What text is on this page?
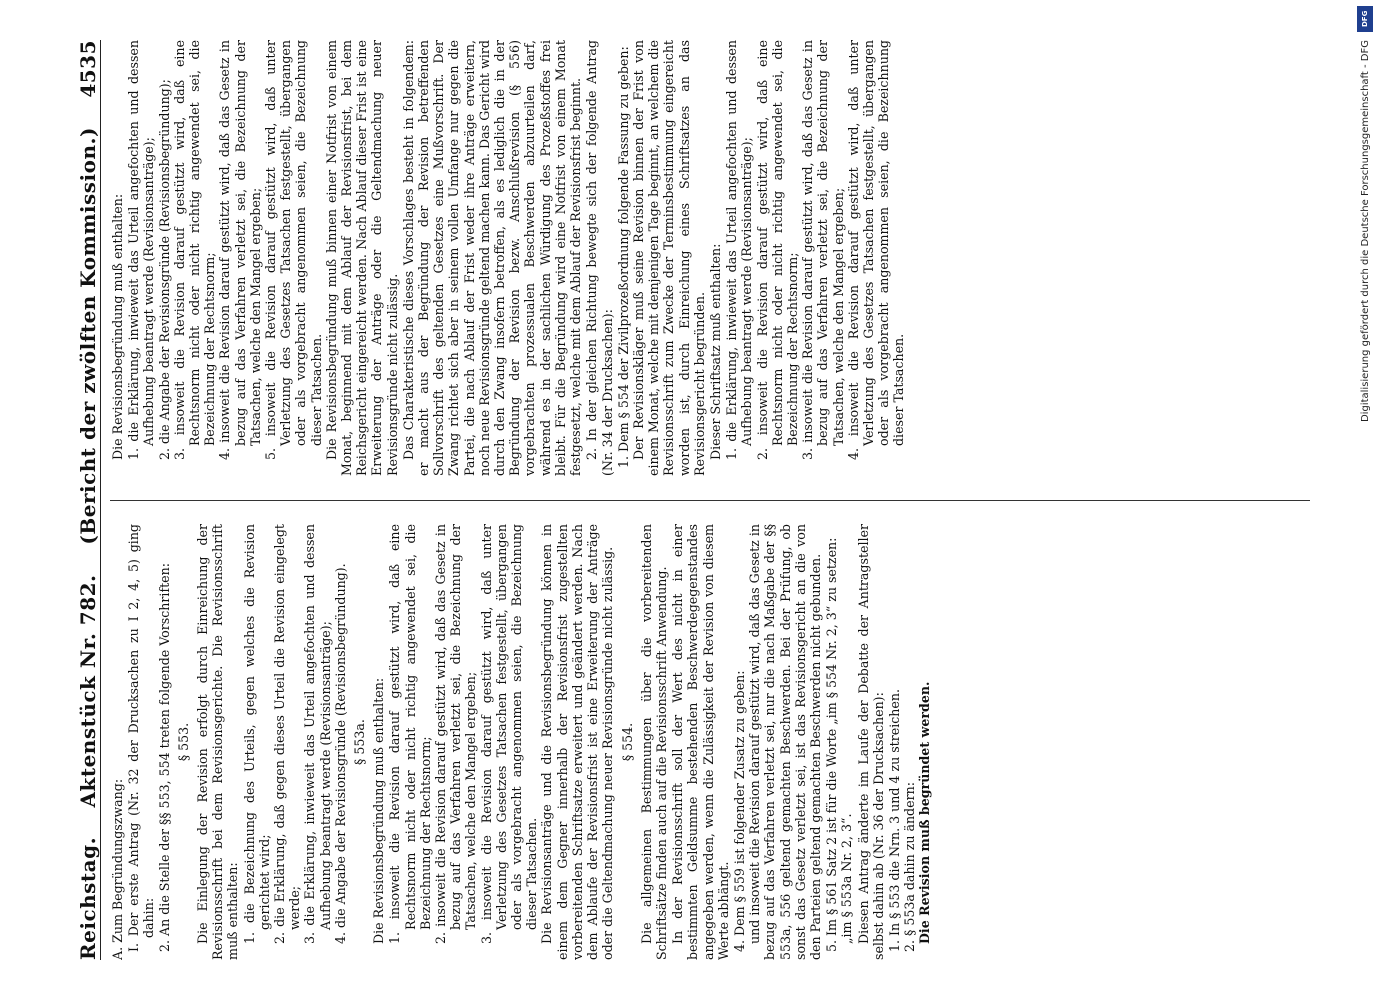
Reichstag.
Aktenstück Nr. 782.    (Bericht der zwölften Kommission.)
4535
A. Zum Begründungszwang: I. Der erste Antrag (Nr. 32 der Drucksachen zu I 2, 4, 5) ging dahin: 2. An die Stelle der §§ 553, 554 treten folgende Vorschriften: § 553. Die Einlegung der Revision erfolgt durch Einreichung der Revisionsschrift bei dem Revisionsgerichte. Die Revisionsschrift muß enthalten: 1. die Bezeichnung des Urteils, gegen welches die Revision gerichtet wird; 2. die Erklärung, daß gegen dieses Urteil die Revision eingelegt werde; 3. die Erklärung, inwieweit das Urteil angefochten und dessen Aufhebung beantragt werde (Revisionsanträge); 4. die Angabe der Revisionsgründe (Revisionsbegründung). § 553a. Die Revisionsbegründung muß enthalten: 1. insoweit die Revision darauf gestützt wird, daß eine Rechtsnorm nicht oder nicht richtig angewendet sei, die Bezeichnung der Rechtsnorm; 2. insoweit die Revision darauf gestützt wird, daß das Gesetz in bezug auf das Verfahren verletzt sei, die Bezeichnung der Tatsachen, welche den Mangel ergeben; 3. insoweit die Revision darauf gestützt wird, daß unter Verletzung des Gesetzes Tatsachen festgestellt, übergangen oder als vorgebracht angenommen seien, die Bezeichnung dieser Tatsachen. Die Revisionsanträge und die Revisionsbegründung können in einem dem Gegner innerhalb der Revisionsfrist zugestellten vorbereitenden Schriftsatze erweitert und geändert werden. Nach dem Ablaufe der Revisionsfrist ist eine Erweiterung der Anträge oder die Geltendmachung neuer Revisionsgründe nicht zulässig. § 554. Die allgemeinen Bestimmungen über die vorbereitenden Schriftsätze finden auch auf die Revisionsschrift Anwendung. In der Revisionsschrift soll der Wert des nicht in einer bestimmten Geldsumme bestehenden Beschwerdegegenstandes angegeben werden, wenn die Zulässigkeit der Revision von diesem Werte abhängt. 4. Dem § 559 ist folgender Zusatz zu geben: und insoweit die Revision darauf gestützt wird, daß das Gesetz in bezug auf das Verfahren verletzt sei, nur die nach Maßgabe der §§ 553a, 556 geltend gemachten Beschwerden. Bei der Prüfung, ob sonst das Gesetz verletzt sei, ist das Revisionsgericht an die von den Parteien geltend gemachten Beschwerden nicht gebunden. 5. Im § 561 Satz 2 ist für die Worte „im § 554 Nr. 2, 3“ zu setzen: „im § 553a Nr. 2, 3“. Diesen Antrag änderte im Laufe der Debatte der Antragsteller selbst dahin ab (Nr. 36 der Drucksachen): 1. In § 553 die Nrn. 3 und 4 zu streichen. 2. § 553a dahin zu ändern: Die Revision muß begründet werden.
Die Revisionsbegründung muß enthalten: 1. die Erklärung, inwieweit das Urteil angefochten und dessen Aufhebung beantragt werde (Revisionsanträge); 2. die Angabe der Revisionsgründe (Revisionsbegründung); 3. insoweit die Revision darauf gestützt wird, daß eine Rechtsnorm nicht oder nicht richtig angewendet sei, die Bezeichnung der Rechtsnorm; 4. insoweit die Revision darauf gestützt wird, daß das Gesetz in bezug auf das Verfahren verletzt sei, die Bezeichnung der Tatsachen, welche den Mangel ergeben; 5. insoweit die Revision darauf gestützt wird, daß unter Verletzung des Gesetzes Tatsachen festgestellt, übergangen oder als vorgebracht angenommen seien, die Bezeichnung dieser Tatsachen. Die Revisionsbegründung muß binnen einer Notfrist von einem Monat, beginnend mit dem Ablauf der Revisionsfrist, bei dem Reichsgericht eingereicht werden. Nach Ablauf dieser Frist ist eine Erweiterung der Anträge oder die Geltendmachung neuer Revisionsgründe nicht zulässig. Das Charakteristische dieses Vorschlages besteht in folgendem: er macht aus der Begründung der Revision betreffenden Sollvorschrift des geltenden Gesetzes eine Mußvorschrift. Der Zwang richtet sich aber in seinem vollen Umfange nur gegen die Partei, die nach Ablauf der Frist weder ihre Anträge erweitern, noch neue Revisionsgründe geltend machen kann. Das Gericht wird durch den Zwang insofern betroffen, als es lediglich die in der Begründung der Revision bezw. Anschlußrevision (§ 556) vorgebrachten prozessualen Beschwerden abzuurteilen darf, während es in der sachlichen Würdigung des Prozeßstoffes frei bleibt. Für die Begründung wird eine Notfrist von einem Monat festgesetzt, welche mit dem Ablauf der Revisionsfrist beginnt. 2. In der gleichen Richtung bewegte sich der folgende Antrag (Nr. 34 der Drucksachen): 1. Dem § 554 der Zivilprozeßordnung folgende Fassung zu geben: Der Revisionskläger muß seine Revision binnen der Frist von einem Monat, welche mit demjenigen Tage beginnt, an welchem die Revisionsschrift zum Zwecke der Terminsbestimmung eingereicht worden ist, durch Einreichung eines Schriftsatzes an das Revisionsgericht begründen. Dieser Schriftsatz muß enthalten: 1. die Erklärung, inwieweit das Urteil angefochten und dessen Aufhebung beantragt werde (Revisionsanträge); 2. insoweit die Revision darauf gestützt wird, daß eine Rechtsnorm nicht oder nicht richtig angewendet sei, die Bezeichnung der Rechtsnorm; 3. insoweit die Revision darauf gestützt wird, daß das Gesetz in bezug auf das Verfahren verletzt sei, die Bezeichnung der Tatsachen, welche den Mangel ergeben; 4. insoweit die Revision darauf gestützt wird, daß unter Verletzung des Gesetzes Tatsachen festgestellt, übergangen oder als vorgebracht angenommen seien, die Bezeichnung dieser Tatsachen.
DFG
Digitalisierung gefördert durch die Deutsche Forschungsgemeinschaft - DFG
